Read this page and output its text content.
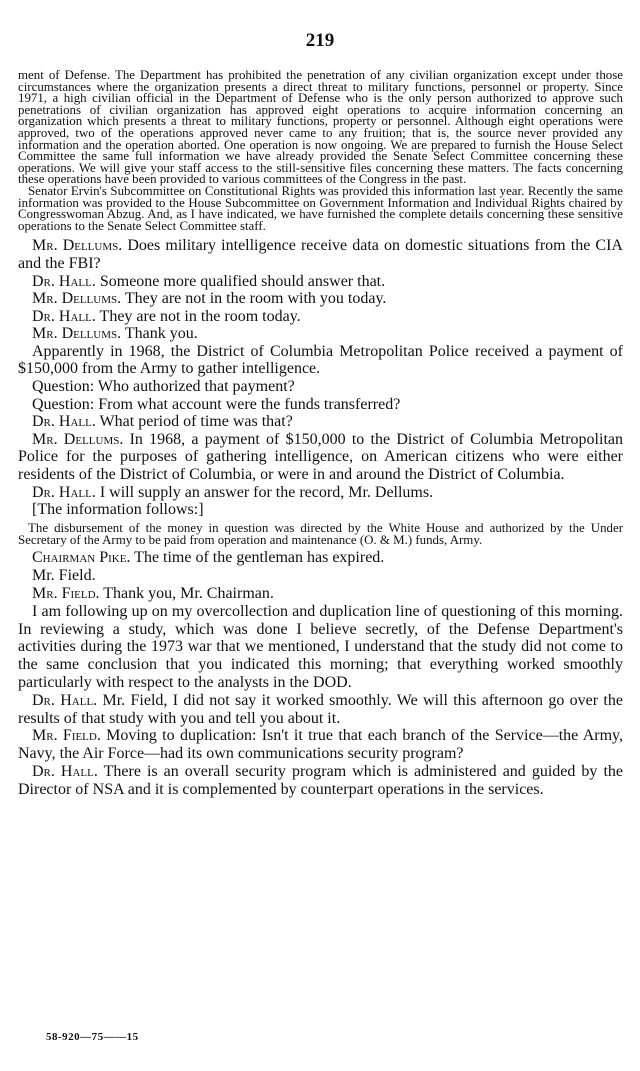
219

ment of Defense. The Department has prohibited the penetration of any civilian organization except under those circumstances where the organization presents a direct threat to military functions, personnel or property. Since 1971, a high civilian official in the Department of Defense who is the only person authorized to approve such penetrations of civilian organization has approved eight operations to acquire information concerning an organization which presents a threat to military functions, property or personnel. Although eight operations were approved, two of the operations approved never came to any fruition; that is, the source never provided any information and the operation aborted. One operation is now ongoing. We are prepared to furnish the House Select Committee the same full information we have already provided the Senate Select Committee concerning these operations. We will give your staff access to the still-sensitive files concerning these matters. The facts concerning these operations have been provided to various committees of the Congress in the past.

Senator Ervin's Subcommittee on Constitutional Rights was provided this information last year. Recently the same information was provided to the House Subcommittee on Government Information and Individual Rights chaired by Congresswoman Abzug. And, as I have indicated, we have furnished the complete details concerning these sensitive operations to the Senate Select Committee staff.

Mr. Dellums. Does military intelligence receive data on domestic situations from the CIA and the FBI?

Dr. Hall. Someone more qualified should answer that.

Mr. Dellums. They are not in the room with you today.

Dr. Hall. They are not in the room today.

Mr. Dellums. Thank you.

Apparently in 1968, the District of Columbia Metropolitan Police received a payment of $150,000 from the Army to gather intelligence.

Question: Who authorized that payment?

Question: From what account were the funds transferred?

Dr. Hall. What period of time was that?

Mr. Dellums. In 1968, a payment of $150,000 to the District of Columbia Metropolitan Police for the purposes of gathering intelligence, on American citizens who were either residents of the District of Columbia, or were in and around the District of Columbia.

Dr. Hall. I will supply an answer for the record, Mr. Dellums.

[The information follows:]

The disbursement of the money in question was directed by the White House and authorized by the Under Secretary of the Army to be paid from operation and maintenance (O. & M.) funds, Army.

Chairman Pike. The time of the gentleman has expired.

Mr. Field.

Mr. Field. Thank you, Mr. Chairman.

I am following up on my overcollection and duplication line of questioning of this morning. In reviewing a study, which was done I believe secretly, of the Defense Department's activities during the 1973 war that we mentioned, I understand that the study did not come to the same conclusion that you indicated this morning; that everything worked smoothly particularly with respect to the analysts in the DOD.

Dr. Hall. Mr. Field, I did not say it worked smoothly. We will this afternoon go over the results of that study with you and tell you about it.

Mr. Field. Moving to duplication: Isn't it true that each branch of the Service—the Army, Navy, the Air Force—had its own communications security program?

Dr. Hall. There is an overall security program which is administered and guided by the Director of NSA and it is complemented by counterpart operations in the services.

58-920—75——15
